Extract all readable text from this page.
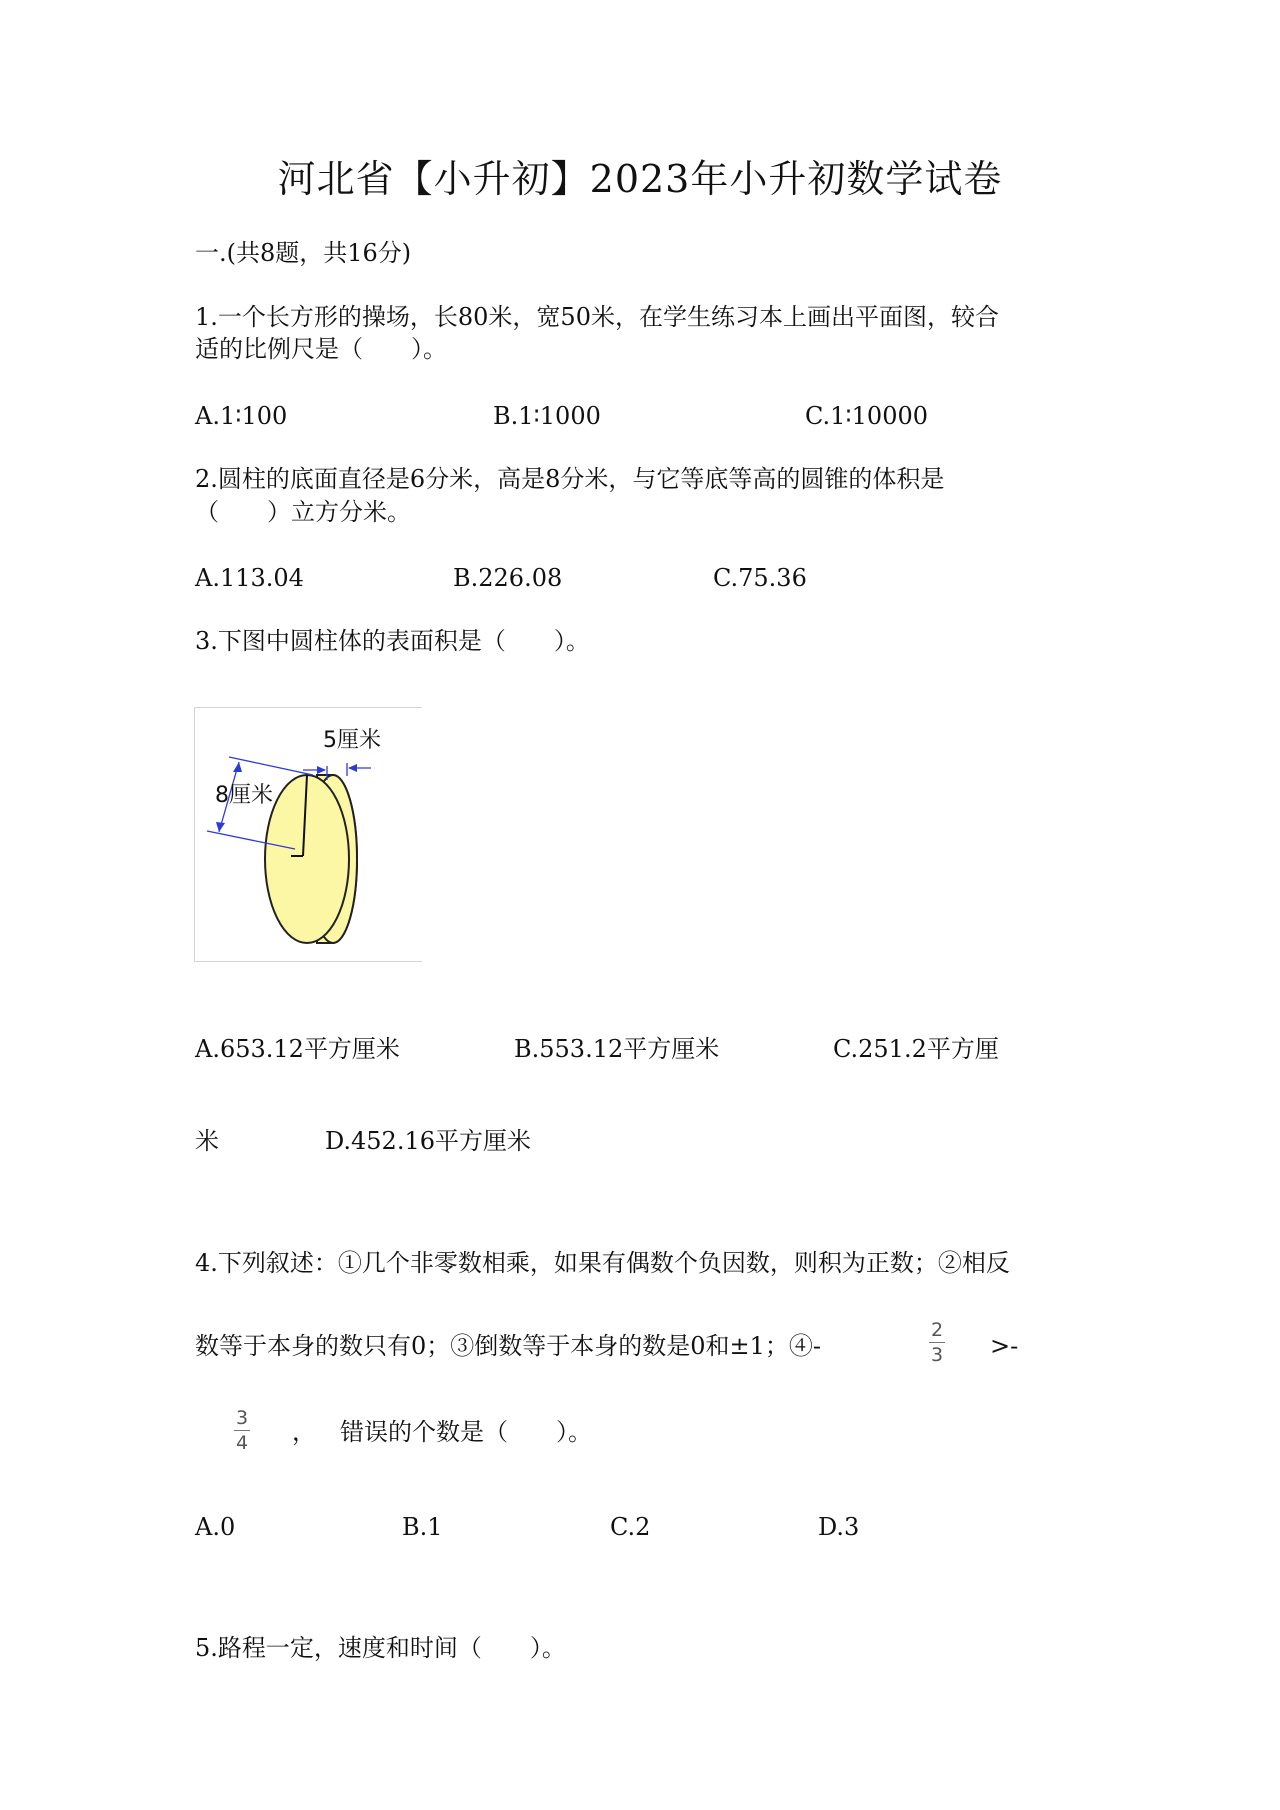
河北省【小升初】2023年小升初数学试卷
一.(共8题，共16分)
1.一个长方形的操场，长80米，宽50米，在学生练习本上画出平面图，较合
适的比例尺是（　　）。
A.1∶100	B.1∶1000	C.1∶10000
2.圆柱的底面直径是6分米，高是8分米，与它等底等高的圆锥的体积是
（　　）立方分米。
A.113.04	B.226.08	C.75.36
3.下图中圆柱体的表面积是（　　）。
5厘米
8厘米
A.653.12平方厘米	B.553.12平方厘米	C.251.2平方厘
米	D.452.16平方厘米
4.下列叙述：①几个非零数相乘，如果有偶数个负因数，则积为正数；②相反
数等于本身的数只有0；③倒数等于本身的数是0和±1；④-
2
3 >-
3
4 ， 错误的个数是（　　）。
A.0	B.1	C.2	D.3
5.路程一定，速度和时间（　　）。
